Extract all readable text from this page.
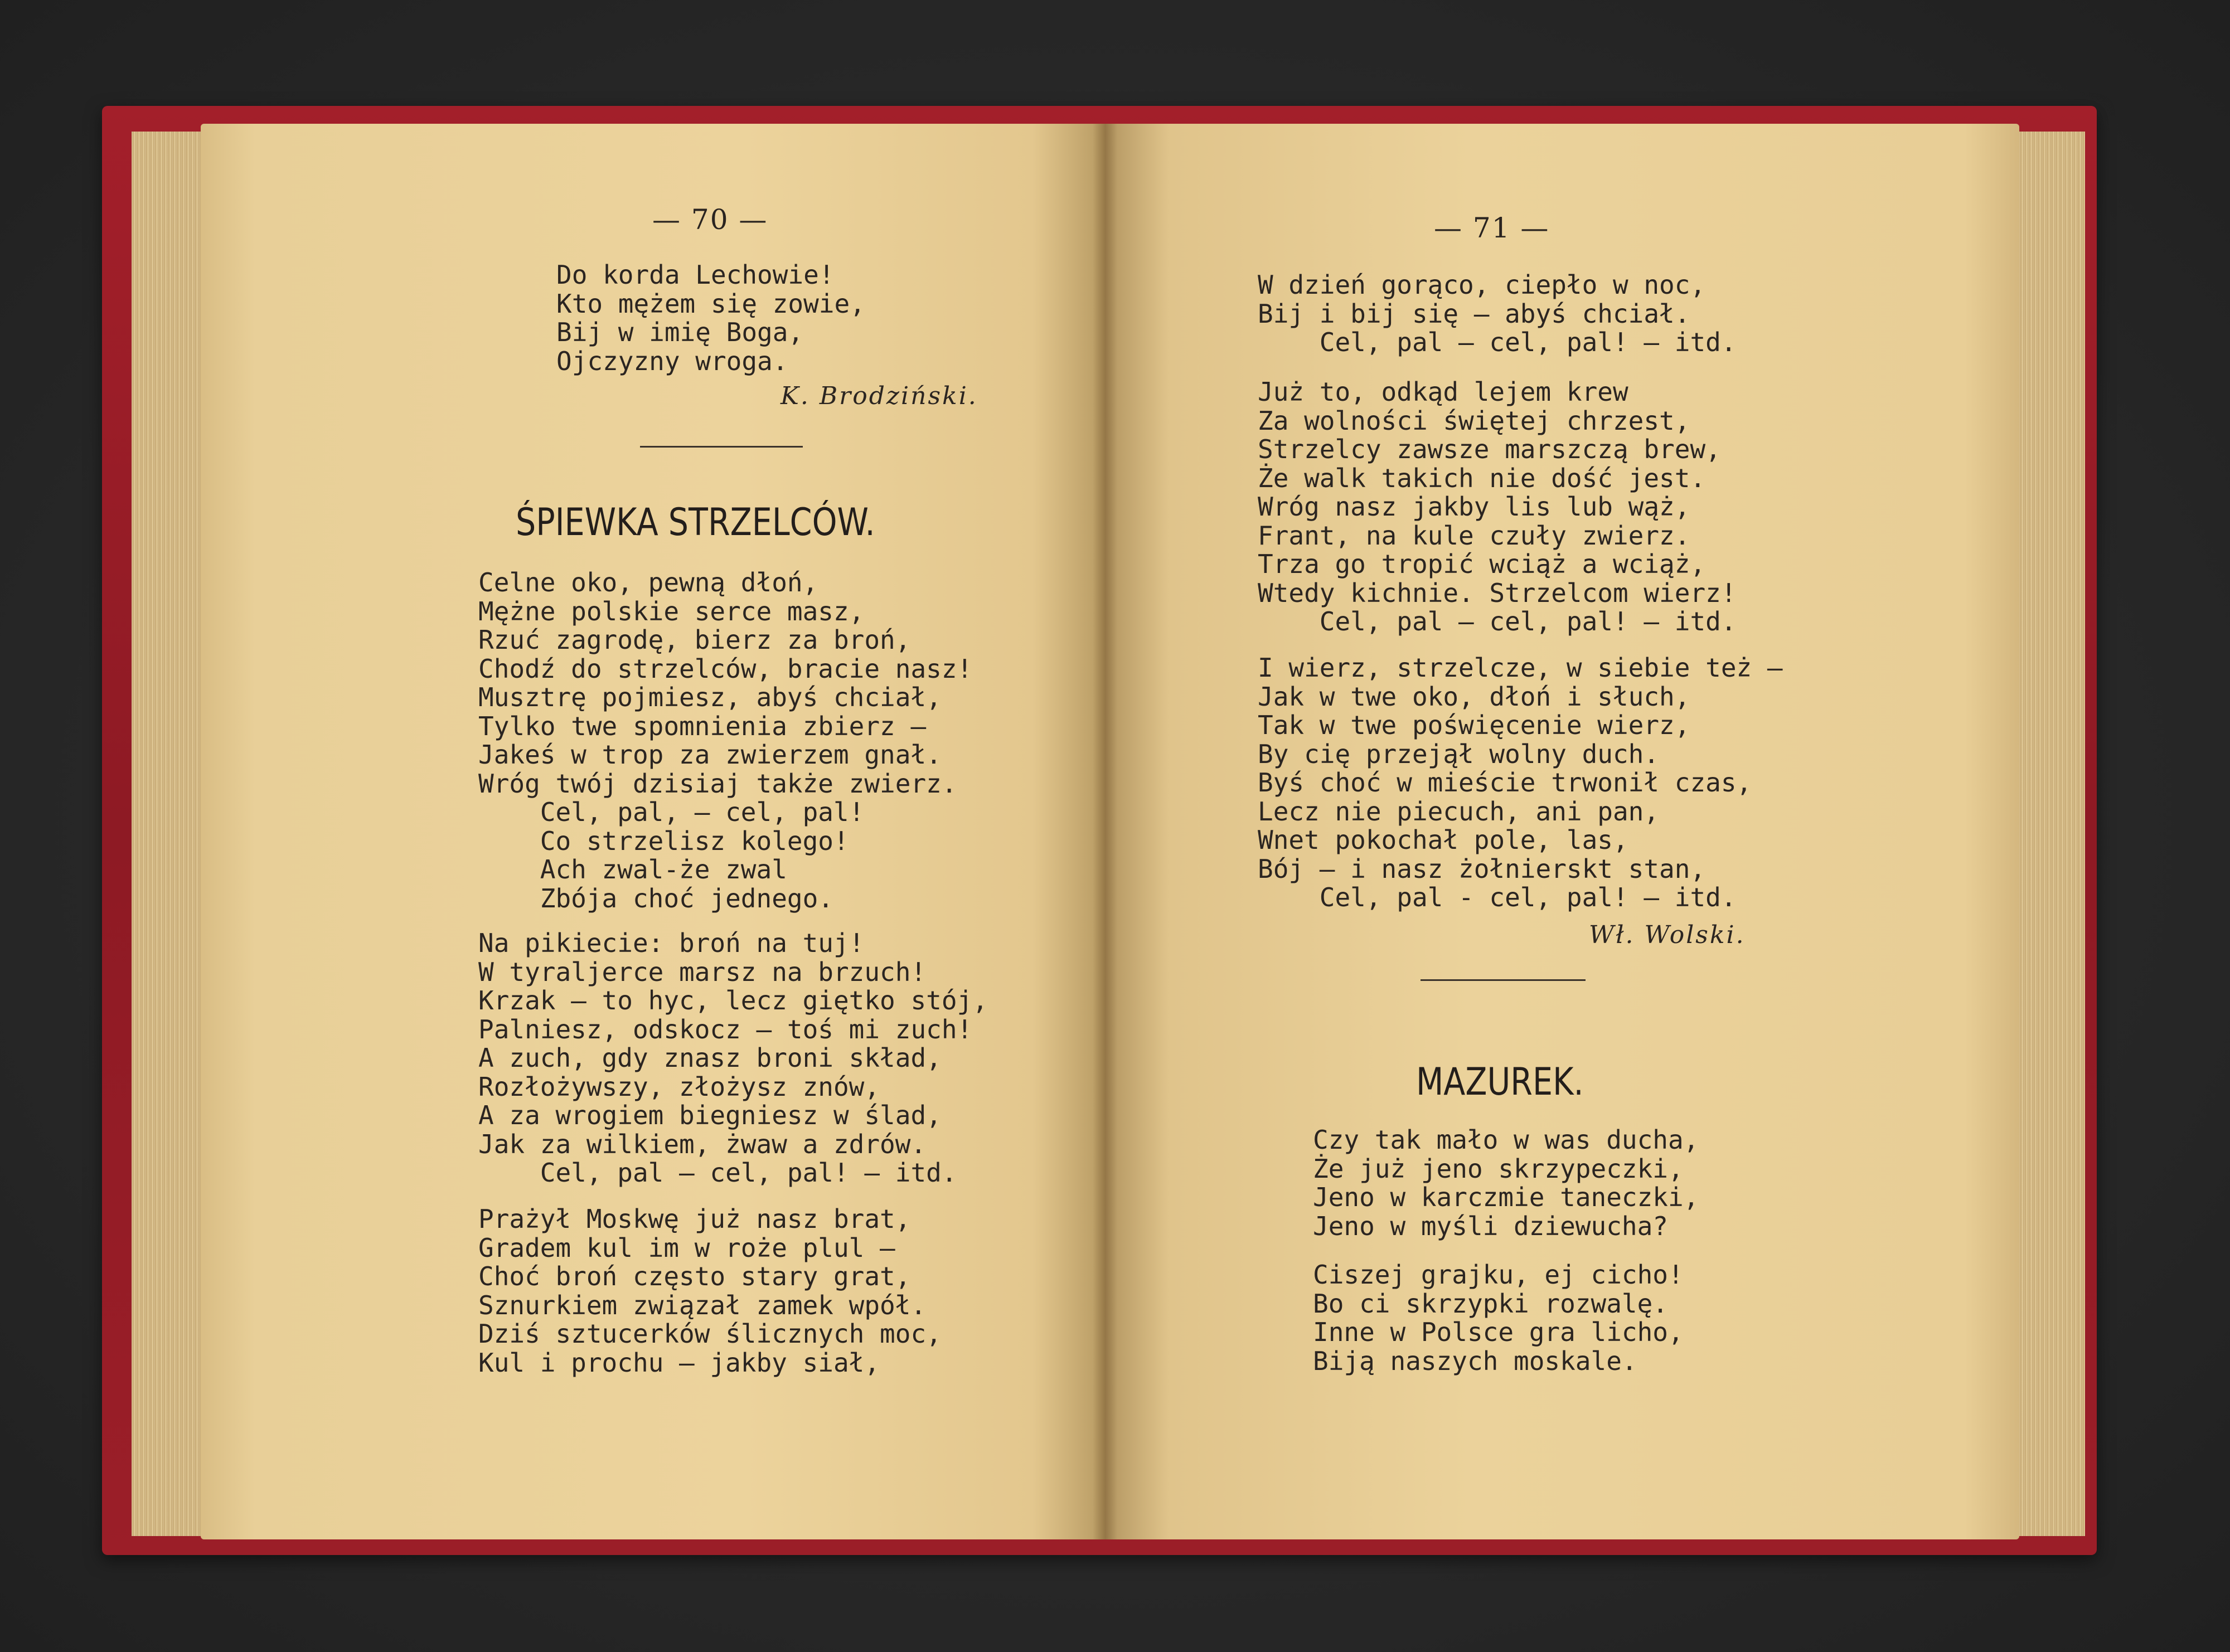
— 70 —
Do korda Lechowie!
Kto mężem się zowie,
Bij w imię Boga,
Ojczyzny wroga.
K. Brodziński.
ŚPIEWKA STRZELCÓW.
Celne oko, pewną dłoń,
Mężne polskie serce masz,
Rzuć zagrodę, bierz za broń,
Chodź do strzelców, bracie nasz!
Musztrę pojmiesz, abyś chciał,
Tylko twe spomnienia zbierz —
Jakeś w trop za zwierzem gnał.
Wróg twój dzisiaj także zwierz.
Cel, pal, — cel, pal!
Co strzelisz kolego!
Ach zwal-że zwal
Zbója choć jednego.
Na pikiecie: broń na tuj!
W tyraljerce marsz na brzuch!
Krzak — to hyc, lecz giętko stój,
Palniesz, odskocz — toś mi zuch!
A zuch, gdy znasz broni skład,
Rozłożywszy, złożysz znów,
A za wrogiem biegniesz w ślad,
Jak za wilkiem, żwaw a zdrów.
Cel, pal — cel, pal! — itd.
Prażył Moskwę już nasz brat,
Gradem kul im w roże plul —
Choć broń często stary grat,
Sznurkiem związał zamek wpół.
Dziś sztucerków ślicznych moc,
Kul i prochu — jakby siał,
— 71 —
W dzień gorąco, ciepło w noc,
Bij i bij się — abyś chciał.
Cel, pal — cel, pal! — itd.
Już to, odkąd lejem krew
Za wolności świętej chrzest,
Strzelcy zawsze marszczą brew,
Że walk takich nie dość jest.
Wróg nasz jakby lis lub wąż,
Frant, na kule czuły zwierz.
Trza go tropić wciąż a wciąż,
Wtedy kichnie. Strzelcom wierz!
Cel, pal — cel, pal! — itd.
I wierz, strzelcze, w siebie też —
Jak w twe oko, dłoń i słuch,
Tak w twe poświęcenie wierz,
By cię przejął wolny duch.
Byś choć w mieście trwonił czas,
Lecz nie piecuch, ani pan,
Wnet pokochał pole, las,
Bój — i nasz żołnierskt stan,
Cel, pal - cel, pal! — itd.
Wł. Wolski.
MAZUREK.
Czy tak mało w was ducha,
Że już jeno skrzypeczki,
Jeno w karczmie taneczki,
Jeno w myśli dziewucha?
Ciszej grajku, ej cicho!
Bo ci skrzypki rozwalę.
Inne w Polsce gra licho,
Biją naszych moskale.
